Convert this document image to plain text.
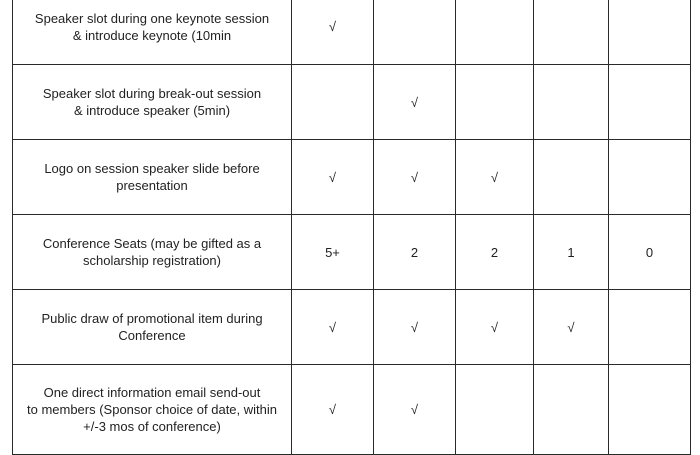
Speaker slot during one keynote session
& introduce keynote (10min	√				

Speaker slot during break-out session
& introduce speaker (5min)		√			

Logo on session speaker slide before
presentation	√	√	√		

Conference Seats (may be gifted as a
scholarship registration)	5+	2	2	1	0

Public draw of promotional item during
Conference	√	√	√	√	

One direct information email send-out
to members (Sponsor choice of date, within
+/-3 mos of conference)	√	√			
